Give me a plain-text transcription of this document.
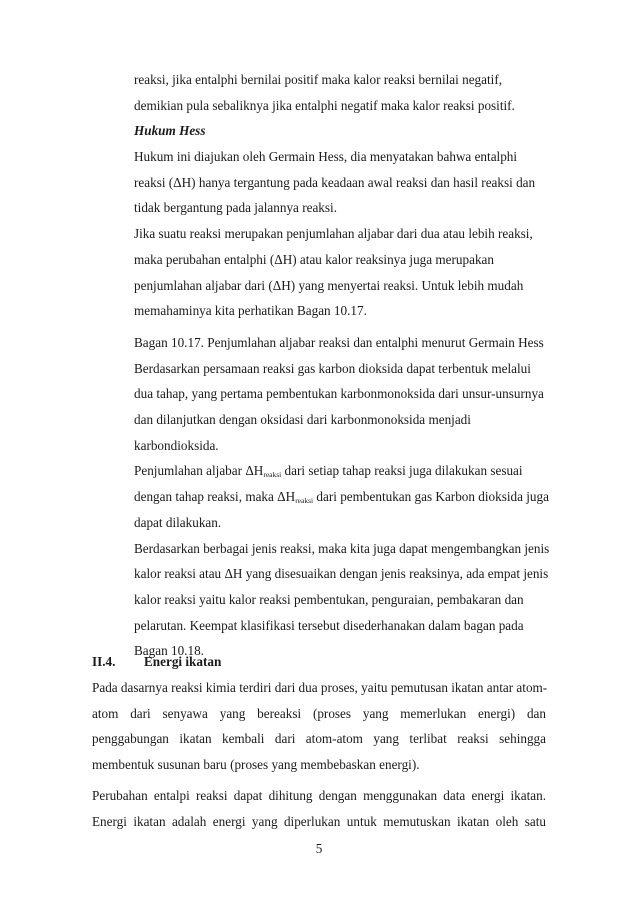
reaksi, jika entalphi bernilai positif maka kalor reaksi bernilai negatif,
demikian pula sebaliknya jika entalphi negatif maka kalor reaksi positif.
Hukum Hess
Hukum ini diajukan oleh Germain Hess, dia menyatakan bahwa entalphi
reaksi (ΔH) hanya tergantung pada keadaan awal reaksi dan hasil reaksi dan
tidak bergantung pada jalannya reaksi.
Jika suatu reaksi merupakan penjumlahan aljabar dari dua atau lebih reaksi,
maka perubahan entalphi (ΔH) atau kalor reaksinya juga merupakan
penjumlahan aljabar dari (ΔH) yang menyertai reaksi. Untuk lebih mudah
memahaminya kita perhatikan Bagan 10.17.
Bagan 10.17. Penjumlahan aljabar reaksi dan entalphi menurut Germain Hess
Berdasarkan persamaan reaksi gas karbon dioksida dapat terbentuk melalui
dua tahap, yang pertama pembentukan karbonmonoksida dari unsur-unsurnya
dan dilanjutkan dengan oksidasi dari karbonmonoksida menjadi
karbondioksida.
Penjumlahan aljabar $\Delta H_{reaksi}$ dari setiap tahap reaksi juga dilakukan sesuai
dengan tahap reaksi, maka $\Delta H_{reaksi}$ dari pembentukan gas Karbon dioksida juga
dapat dilakukan.
Berdasarkan berbagai jenis reaksi, maka kita juga dapat mengembangkan jenis
kalor reaksi atau ΔH yang disesuaikan dengan jenis reaksinya, ada empat jenis
kalor reaksi yaitu kalor reaksi pembentukan, penguraian, pembakaran dan
pelarutan. Keempat klasifikasi tersebut disederhanakan dalam bagan pada
Bagan 10.18.
II.4. Energi ikatan
Pada dasarnya reaksi kimia terdiri dari dua proses, yaitu pemutusan ikatan antar atom-
atom dari senyawa yang bereaksi (proses yang memerlukan energi) dan
penggabungan ikatan kembali dari atom-atom yang terlibat reaksi sehingga
membentuk susunan baru (proses yang membebaskan energi).
Perubahan entalpi reaksi dapat dihitung dengan menggunakan data energi ikatan.
Energi ikatan adalah energi yang diperlukan untuk memutuskan ikatan oleh satu
5
